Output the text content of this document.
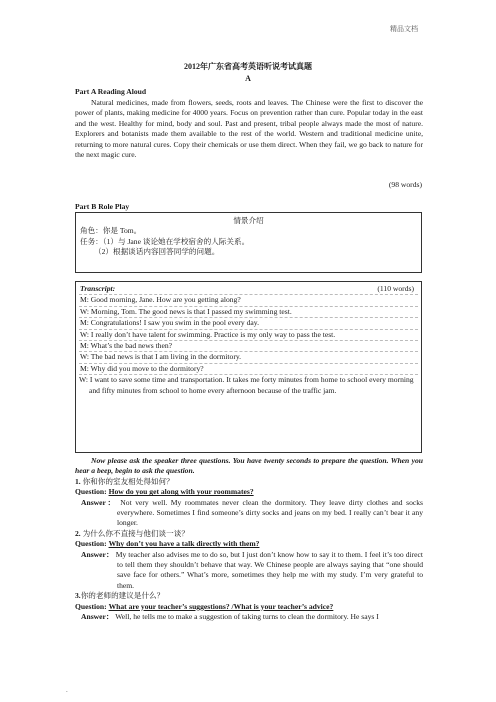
精品文档
2012年广东省高考英语听说考试真题
A
Part A Reading Aloud
Natural medicines, made from flowers, seeds, roots and leaves. The Chinese were the first to discover the power of plants, making medicine for 4000 years. Focus on prevention rather than cure. Popular today in the east and the west. Healthy for mind, body and soul. Past and present, tribal people always made the most of nature. Explorers and botanists made them available to the rest of the world. Western and traditional medicine unite, returning to more natural cures. Copy their chemicals or use them direct. When they fail, we go back to nature for the next magic cure.
(98 words)
Part B Role Play
情景介绍
角色：你是 Tom。
任务：（1）与 Jane 谈论她在学校宿舍的人际关系。
（2）根据谈话内容回答同学的问题。
Transcript:	(110 words)
M: Good morning, Jane. How are you getting along?
W: Morning, Tom. The good news is that I passed my swimming test.
M: Congratulations! I saw you swim in the pool every day.
W: I really don’t have talent for swimming. Practice is my only way to pass the test.
M: What’s the bad news then?
W: The bad news is that I am living in the dormitory.
M: Why did you move to the dormitory?
W: I want to save some time and transportation. It takes me forty minutes from home to school every morning and fifty minutes from school to home every afternoon because of the traffic jam.
Now please ask the speaker three questions. You have twenty seconds to prepare the question. When you hear a beep, begin to ask the question.
1. 你和你的室友相处得如何？
Question: How do you get along with your roommates?
Answer： Not very well. My roommates never clean the dormitory. They leave dirty clothes and socks everywhere. Sometimes I find someone’s dirty socks and jeans on my bed. I really can’t bear it any longer.
2. 为什么你不直接与他们谈一谈？
Question: Why don’t you have a talk directly with them?
Answer： My teacher also advises me to do so, but I just don’t know how to say it to them. I feel it’s too direct to tell them they shouldn’t behave that way. We Chinese people are always saying that “one should save face for others.” What’s more, sometimes they help me with my study. I’m very grateful to them.
3.你的老师的建议是什么？
Question: What are your teacher’s suggestions? /What is your teacher’s advice?
Answer： Well, he tells me to make a suggestion of taking turns to clean the dormitory. He says I
.
